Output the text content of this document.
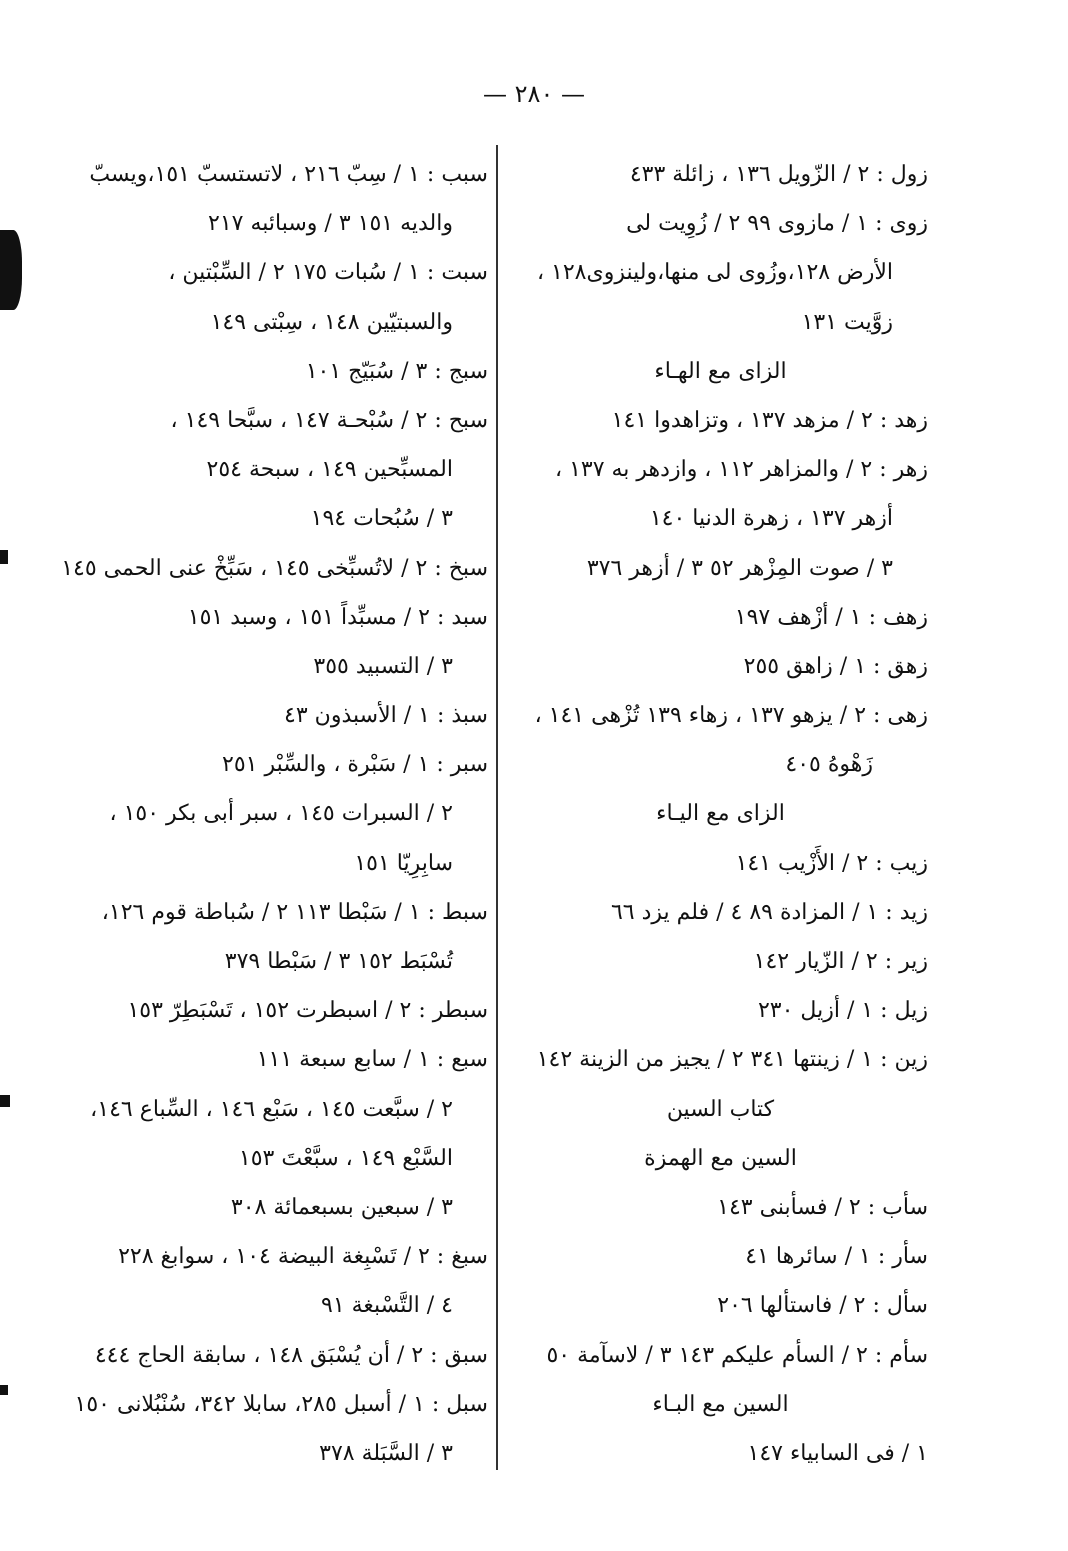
— ٢٨٠ —
زول : ٢ / الزّويل ١٣٦ ، زائلة ٤٣٣
زوى : ١ / مازوى ٩٩ ٢ / زُوِيت لى
الأرض ١٢٨،وزُوى لى منها،ولينزوى١٢٨ ،
زوَّيت ١٣١
الزاى مع الهـاء
زهد : ٢ / مزهد ١٣٧ ، وتزاهدوا ١٤١
زهر : ٢ / والمزاهر ١١٢ ، وازدهر به ١٣٧ ،
أزهر ١٣٧ ، زهرة الدنيا ١٤٠
٣ / صوت المِزْهر ٥٢ ٣ / أزهر ٣٧٦
زهف : ١ / أزْهف ١٩٧
زهق : ١ / زاهق ٢٥٥
زهى : ٢ / يزهو ١٣٧ ، زهاء ١٣٩ تُزْهى ١٤١ ،
زَهْوهُ ٤٠٥
الزاى مع اليـاء
زيب : ٢ / الأَزْيب ١٤١
زيد : ١ / المزادة ٨٩ ٤ / فلم يزد ٦٦
زير : ٢ / الزّيار ١٤٢
زيل : ١ / أزيل ٢٣٠
زين : ١ / زينتها ٣٤١ ٢ / يجيز من الزينة ١٤٢
كتاب السين
السين مع الهمزة
سأب : ٢ / فسأبنى ١٤٣
سأر : ١ / سائرها ٤١
سأل : ٢ / فاستألها ٢٠٦
سأم : ٢ / السأم عليكم ١٤٣ ٣ / لاسآمة ٥٠
السين مع البـاء
١ / فى السابياء ١٤٧
سبب : ١ / سِبّ ٢١٦ ، لاتستسبّ ١٥١،ويسبّ
والديه ١٥١ ٣ / وسبائبه ٢١٧
سبت : ١ / سُبات ١٧٥ ٢ / السِّبْتين ،
والسبتيّين ١٤٨ ، سِبْتى ١٤٩
سبج : ٣ / سُبَيّج ١٠١
سبح : ٢ / سُبْحـة ١٤٧ ، سبَّحا ١٤٩ ،
المسبِّحين ١٤٩ ، سبحة ٢٥٤
٣ / سُبُحات ١٩٤
سبخ : ٢ / لاتُسبِّخى ١٤٥ ، سَبِّخْ عنى الحمى ١٤٥
سبد : ٢ / مسبِّداً ١٥١ ، وسبد ١٥١
٣ / التسبيد ٣٥٥
سبذ : ١ / الأسبذون ٤٣
سبر : ١ / سَبْرة ، والسِّبْر ٢٥١
٢ / السبرات ١٤٥ ، سبر أبى بكر ١٥٠ ،
سابِرِيّا ١٥١
سبط : ١ / سَبْطا ١١٣ ٢ / سُباطة قوم ١٢٦،
تُسْبَط ١٥٢ ٣ / سَبْطا ٣٧٩
سبطر : ٢ / اسبطرت ١٥٢ ، تَسْبَطِرّ ١٥٣
سبع : ١ / سابع سبعة ١١١
٢ / سبَّعت ١٤٥ ، سَبْع ١٤٦ ، السِّباع ١٤٦،
السَّبْع ١٤٩ ، سبَّعْتَ ١٥٣
٣ / سبعين بسبعمائة ٣٠٨
سبغ : ٢ / تَسْبِغة البيضة ١٠٤ ، سوابغ ٢٢٨
٤ / التَّسْبغة ٩١
سبق : ٢ / أن يُسْبَق ١٤٨ ، سابقة الحاج ٤٤٤
سبل : ١ / أسبل ٢٨٥، سابلا ٣٤٢، سُنْبُلانى ١٥٠
٣ / السَّبَلة ٣٧٨
